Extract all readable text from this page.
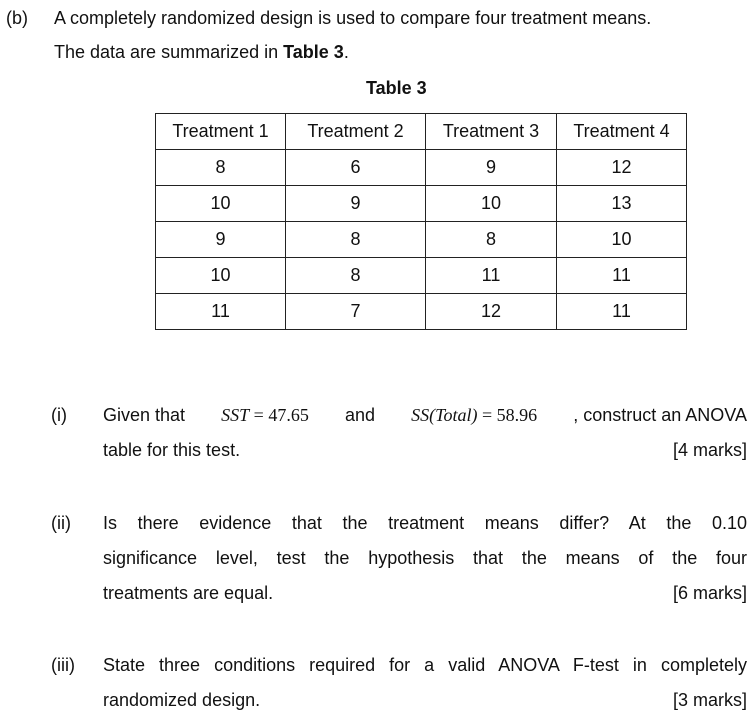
(b) A completely randomized design is used to compare four treatment means.
The data are summarized in Table 3.
Table 3
Treatment 1	Treatment 2	Treatment 3	Treatment 4
8	6	9	12
10	9	10	13
9	8	8	10
10	8	11	11
11	7	12	11
(i) Given that SST = 47.65 and SS(Total) = 58.96 , construct an ANOVA
table for this test.	[4 marks]
(ii) Is there evidence that the treatment means differ? At the 0.10
significance level, test the hypothesis that the means of the four
treatments are equal.	[6 marks]
(iii) State three conditions required for a valid ANOVA F-test in completely
randomized design.	[3 marks]
